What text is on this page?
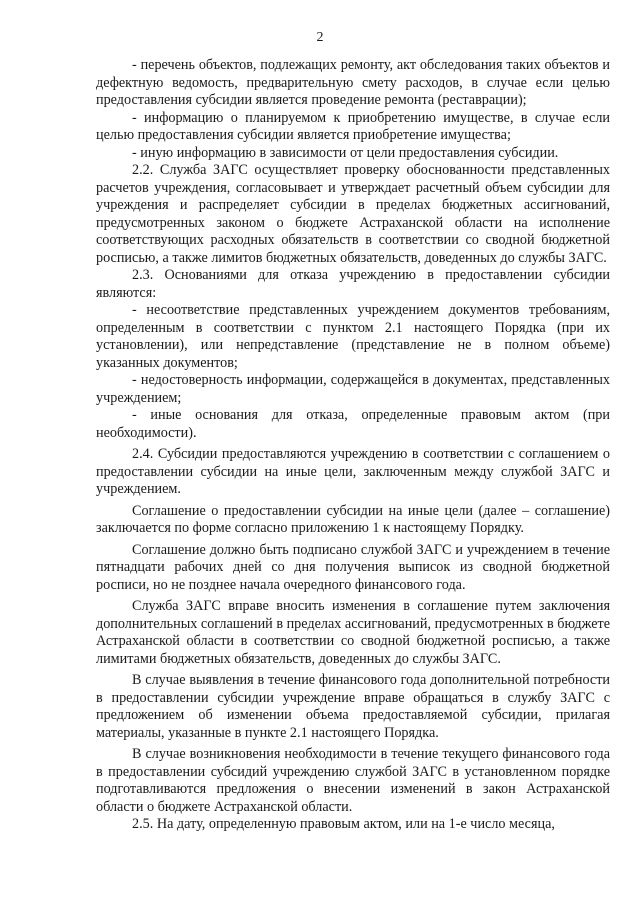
2

- перечень объектов, подлежащих ремонту, акт обследования таких объектов и дефектную ведомость, предварительную смету расходов, в случае если целью предоставления субсидии является проведение ремонта (реставрации);

- информацию о планируемом к приобретению имуществе, в случае если целью предоставления субсидии является приобретение имущества;

- иную информацию в зависимости от цели предоставления субсидии.

2.2. Служба ЗАГС осуществляет проверку обоснованности представленных расчетов учреждения, согласовывает и утверждает расчетный объем субсидии для учреждения и распределяет субсидии в пределах бюджетных ассигнований, предусмотренных законом о бюджете Астраханской области на исполнение соответствующих расходных обязательств в соответствии со сводной бюджетной росписью, а также лимитов бюджетных обязательств, доведенных до службы ЗАГС.

2.3. Основаниями для отказа учреждению в предоставлении субсидии являются:

- несоответствие представленных учреждением документов требованиям, определенным в соответствии с пунктом 2.1 настоящего Порядка (при их установлении), или непредставление (представление не в полном объеме) указанных документов;

- недостоверность информации, содержащейся в документах, представленных учреждением;

- иные основания для отказа, определенные правовым актом (при необходимости).

2.4. Субсидии предоставляются учреждению в соответствии с соглашением о предоставлении субсидии на иные цели, заключенным между службой ЗАГС и учреждением.

Соглашение о предоставлении субсидии на иные цели (далее – соглашение) заключается по форме согласно приложению 1 к настоящему Порядку.

Соглашение должно быть подписано службой ЗАГС и учреждением в течение пятнадцати рабочих дней со дня получения выписок из сводной бюджетной росписи, но не позднее начала очередного финансового года.

Служба ЗАГС вправе вносить изменения в соглашение путем заключения дополнительных соглашений в пределах ассигнований, предусмотренных в бюджете Астраханской области в соответствии со сводной бюджетной росписью, а также лимитами бюджетных обязательств, доведенных до службы ЗАГС.

В случае выявления в течение финансового года дополнительной потребности в предоставлении субсидии учреждение вправе обращаться в службу ЗАГС с предложением об изменении объема предоставляемой субсидии, прилагая материалы, указанные в пункте 2.1 настоящего Порядка.

В случае возникновения необходимости в течение текущего финансового года в предоставлении субсидий учреждению службой ЗАГС в установленном порядке подготавливаются предложения о внесении изменений в закон Астраханской области о бюджете Астраханской области.

2.5. На дату, определенную правовым актом, или на 1-е число месяца,
